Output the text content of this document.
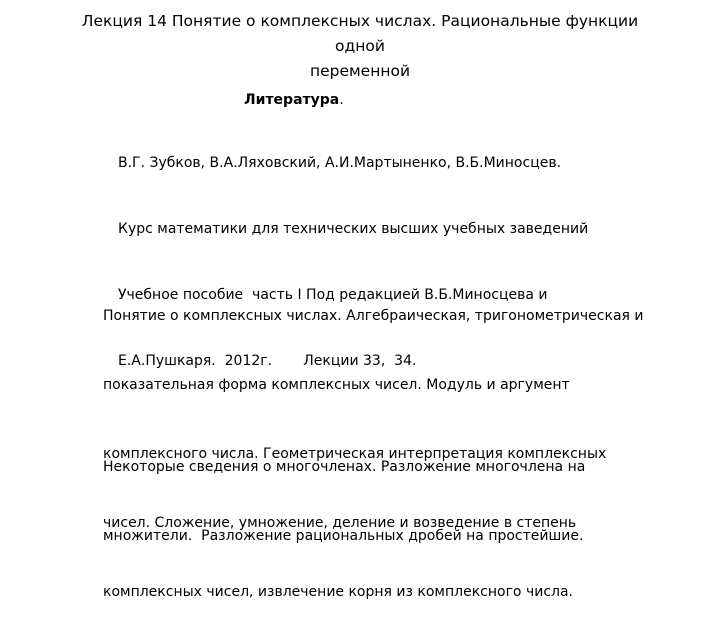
Лекция 14 Понятие о комплексных числах. Рациональные функции одной
переменной
Литература.

В.Г. Зубков, В.А.Ляховский, А.И.Мартыненко, В.Б.Миносцев.

Курс математики для технических высших учебных заведений

Учебное пособие  часть I Под редакцией В.Б.Миносцева и

Е.А.Пушкаря.  2012г.       Лекции 33,  34.

Понятие о комплексных числах. Алгебраическая, тригонометрическая и

показательная форма комплексных чисел. Модуль и аргумент

комплексного числа. Геометрическая интерпретация комплексных

чисел. Сложение, умножение, деление и возведение в степень

комплексных чисел, извлечение корня из комплексного числа.

Некоторые сведения о многочленах. Разложение многочлена на

множители.  Разложение рациональных дробей на простейшие.
